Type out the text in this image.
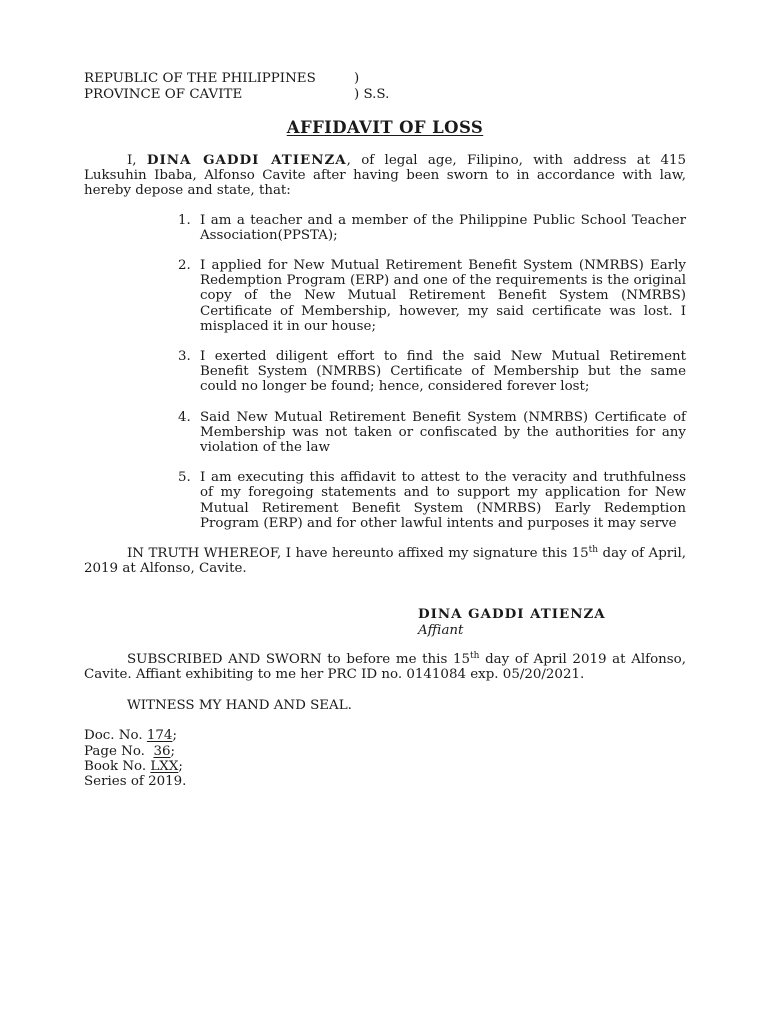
REPUBLIC OF THE PHILIPPINES	)
PROVINCE OF CAVITE	) S.S.
AFFIDAVIT OF LOSS

I, DINA GADDI ATIENZA, of legal age, Filipino, with address at 415 Luksuhin Ibaba, Alfonso Cavite after having been sworn to in accordance with law, hereby depose and state, that:

1. I am a teacher and a member of the Philippine Public School Teacher Association(PPSTA);
2. I applied for New Mutual Retirement Benefit System (NMRBS) Early Redemption Program (ERP) and one of the requirements is the original copy of the New Mutual Retirement Benefit System (NMRBS) Certificate of Membership, however, my said certificate was lost. I misplaced it in our house;
3. I exerted diligent effort to find the said New Mutual Retirement Benefit System (NMRBS) Certificate of Membership but the same could no longer be found; hence, considered forever lost;
4. Said New Mutual Retirement Benefit System (NMRBS) Certificate of Membership was not taken or confiscated by the authorities for any violation of the law
5. I am executing this affidavit to attest to the veracity and truthfulness of my foregoing statements and to support my application for New Mutual Retirement Benefit System (NMRBS) Early Redemption Program (ERP) and for other lawful intents and purposes it may serve

IN TRUTH WHEREOF, I have hereunto affixed my signature this 15th day of April, 2019 at Alfonso, Cavite.

DINA GADDI ATIENZA
Affiant

SUBSCRIBED AND SWORN to before me this 15th day of April 2019 at Alfonso, Cavite. Affiant exhibiting to me her PRC ID no. 0141084 exp. 05/20/2021.

WITNESS MY HAND AND SEAL.

Doc. No. 174;
Page No. 36;
Book No. LXX;
Series of 2019.
